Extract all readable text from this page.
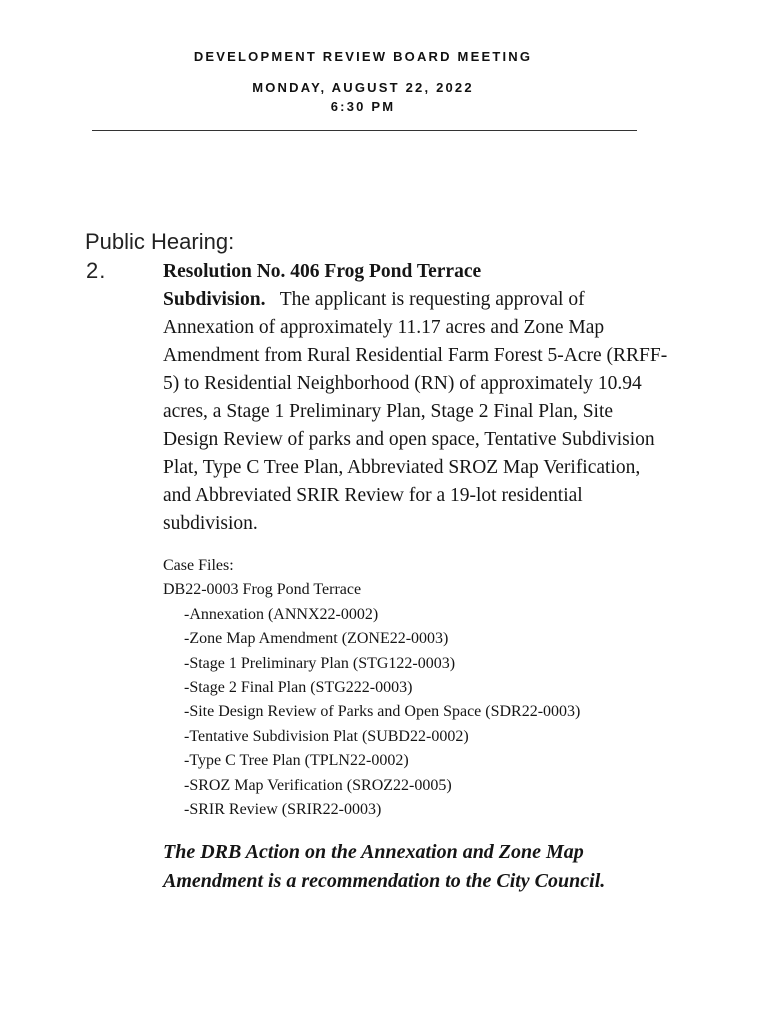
DEVELOPMENT REVIEW BOARD MEETING
MONDAY, AUGUST 22, 2022
6:30 PM
Public Hearing:
2.	Resolution No. 406 Frog Pond Terrace
Subdivision. The applicant is requesting approval of Annexation of approximately 11.17 acres and Zone Map Amendment from Rural Residential Farm Forest 5-Acre (RRFF-5) to Residential Neighborhood (RN) of approximately 10.94 acres, a Stage 1 Preliminary Plan, Stage 2 Final Plan, Site Design Review of parks and open space, Tentative Subdivision Plat, Type C Tree Plan, Abbreviated SROZ Map Verification, and Abbreviated SRIR Review for a 19-lot residential subdivision.
Case Files:
DB22-0003 Frog Pond Terrace
-Annexation (ANNX22-0002)
-Zone Map Amendment (ZONE22-0003)
-Stage 1 Preliminary Plan (STG122-0003)
-Stage 2 Final Plan (STG222-0003)
-Site Design Review of Parks and Open Space (SDR22-0003)
-Tentative Subdivision Plat (SUBD22-0002)
-Type C Tree Plan (TPLN22-0002)
-SROZ Map Verification (SROZ22-0005)
-SRIR Review (SRIR22-0003)
The DRB Action on the Annexation and Zone Map Amendment is a recommendation to the City Council.
